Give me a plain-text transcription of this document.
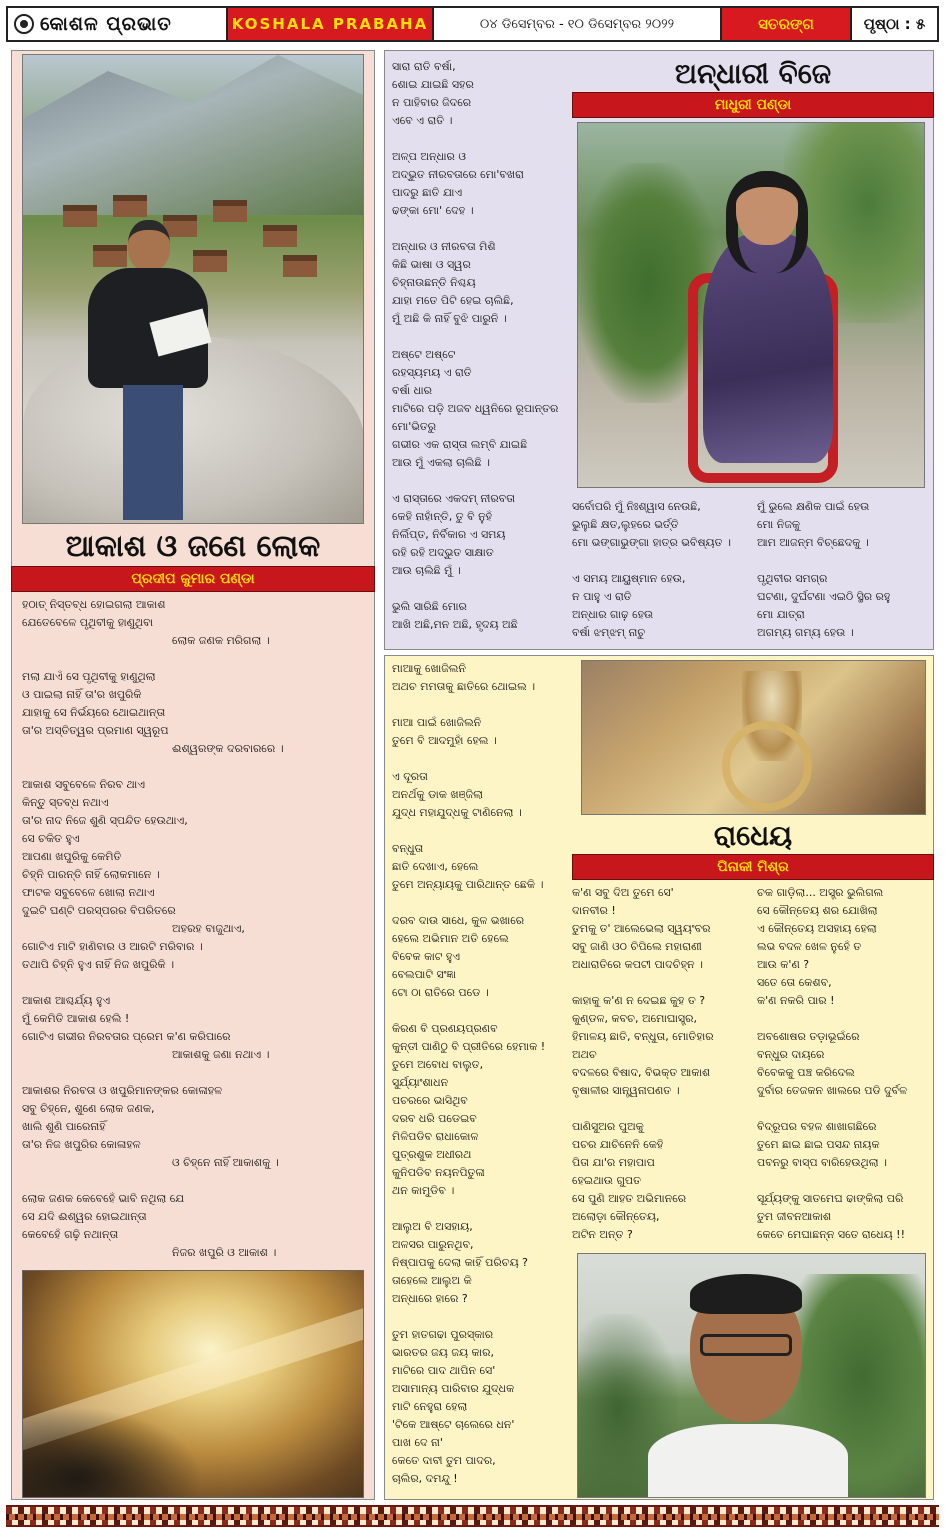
କୋଶଳ ପ୍ରଭାତ	KOSHALA PRABAHA	୦୪ ଡିସେମ୍ବର - ୧୦ ଡିସେମ୍ବର ୨୦୨୨	ସତରଙ୍ଗ	ପୃଷ୍ଠା : ୫
ଆକାଶ ଓ ଜଣେ ଲୋକ
ପ୍ରଦୀପ କୁମାର ପଣ୍ଡା
ହଠାତ୍ ନିସ୍ତବ୍ଧ ହୋଇଗଲା ଆକାଶ
ଯେତେବେଳେ ପୃଥିବୀକୁ ହାଣୁଥିବା
ଲୋକ ଜଣକ ମରିଗଲା ।
ମଲା ଯାଏଁ ସେ ପୃଥିବୀକୁ ହାଣୁଥିଲା
ଓ ପାଇଲା ନାହିଁ ତା'ର ଖପୁରିକି
ଯାହାକୁ ସେ ନିର୍ଭୟରେ ଥୋଇଥାନ୍ତା
ତା'ର ଅସ୍ତିତ୍ୱର ପ୍ରମାଣ ସ୍ୱରୂପ
ଈଶ୍ୱରଙ୍କ ଦରବାରରେ ।
ଆକାଶ ସବୁବେଳେ ନିରବ ଥାଏ
କିନ୍ତୁ ସ୍ତବ୍ଧ ନଥାଏ
ତା'ର ନାଦ ନିଜେ ଶୁଣି ସ୍ପନ୍ଦିତ ହେଉଥାଏ,
ସେ ଚକିତ ହୁଏ
ଆପଣା ଖପୁରିକୁ କେମିତି
ଚିହ୍ନି ପାରନ୍ତି ନାହିଁ ଲୋକମାନେ ।
ଫାଟକ ସବୁବେଳେ ଖୋଲା ନଥାଏ
ଦୁଇଟି ଘଣ୍ଟି ପରସ୍ପରର ବିପରିତରେ
ଅହରହ ବାଜୁଥାଏ,
ଗୋଟିଏ ମାଟି ହାଣିବାର ଓ ଆରଟି ମରିବାର ।
ତଥାପି ଚିହ୍ନି ହୁଏ ନାହିଁ ନିଜ ଖପୁରିକି ।
ଆକାଶ ଆଶ୍ଚର୍ଯ୍ୟ ହୁଏ
ମୁଁ କେମିତି ଆକାଶ ହେଲି !
ଗୋଟିଏ ଗଭୀର ନିରବତାର ପ୍ରେମ କ'ଣ କରିପାରେ
ଆକାଶକୁ ଜଣା ନଥାଏ ।
ଆକାଶର ନିରବତା ଓ ଖପୁରିମାନଙ୍କର କୋଳାହଳ
ସବୁ ଚିହ୍ନେ, ଶୁଣେ ଲୋକ ଜଣକ,
ଖାଲି ଶୁଣି ପାରେନାହିଁ
ତା'ର ନିଜ ଖପୁରିର କୋଳାହଳ
ଓ ଚିହ୍ନେ ନାହିଁ ଆକାଶକୁ ।
ଲୋକ ଜଣକ କେବେହେଁ ଭାବି ନଥିଲା ଯେ
ସେ ଯଦି ଈଶ୍ୱର ହୋଇଥାନ୍ତା
କେବେହେଁ ଗଢ଼ି ନଥାନ୍ତା
ନିଜର ଖପୁରି ଓ ଆକାଶ ।
ସାରା ରାତି ବର୍ଷା,
ଶୋଇ ଯାଇଛି ସହର
ନ ପାହିବାର ଜିଦରେ
ଏବେ ଏ ରାତି ।

ଅଳ୍ପ ଅନ୍ଧାର ଓ
ଅଦ୍ଭୁତ ନୀରବତାରେ ମୋ'ବଖରା
ପାଦରୁ ଛାତି ଯାଏ
ଢଙ୍କା ମୋ' ଦେହ ।

ଅନ୍ଧାର ଓ ନୀରବତା ମିଶି
କିଛି ଭାଷା ଓ ସ୍ୱର
ଚିହ୍ନାଉଛନ୍ତି ନିଶ୍ଚୟ
ଯାହା ମତେ ପିଟି ହେଇ ଚାଲିଛି,
ମୁଁ ଅଛି କି ନାହିଁ ବୁଝି ପାରୁନି ।

ଅଷ୍ଟେ ଅଷ୍ଟେ
ରହସ୍ୟମୟ ଏ ରାତି
ବର୍ଷା ଧାର
ମାଟିରେ ପଡ଼ି ଅଜବ ଧ୍ୱନିରେ ରୂପାନ୍ତର
ମୋ'ଭିତରୁ
ଗଭୀର ଏକ ରାସ୍ତା ଲମ୍ବି ଯାଇଛି
ଆଉ ମୁଁ ଏକଲା ଚାଲିଛି ।

ଏ ରାସ୍ତାରେ ଏକଦମ୍ ନୀରବତା
କେହି ନାହାଁନ୍ତି, ତୁ ବି ନୁହଁ
ନିର୍ଲିପ୍ତ, ନିର୍ବିକାର ଏ ସମୟ
ରହି ରହି ଅଦ୍ଭୁତ ସାକ୍ଷାତ
ଆଉ ଚାଲିଛି ମୁଁ ।

ଭୁଲି ସାରିଛି ମୋର
ଆଖି ଅଛି,ମନ ଅଛି, ହୃଦୟ ଅଛି
ଅନ୍ଧାରୀ ବିଜେ
ମାଧୁରୀ ପଣ୍ଡା
ସର୍ବୋପରି ମୁଁ ନିଃଶ୍ୱାସ ନେଉଛି,
ଭୁଲୁଛି କ୍ଷତ,ଲୁହରେ ଭର୍ତ୍ତି
ମୋ ଭଙ୍ଗାଭୁଙ୍ଗା ହାତ୍‌ର ଭବିଷ୍ୟତ ।

ଏ ସମୟ ଆୟୁଷ୍ମାନ ହେଉ,
ନ ପାହୁ ଏ ରାତି
ଅନ୍ଧାର ଗାଢ଼ ହେଉ
ବର୍ଷା ଝମ୍‌ଝମ୍ ନାଚୁ
ମୁଁ ଭୁଲେ କ୍ଷଣିକ ପାଇଁ ହେଉ
ମୋ ନିଜକୁ
ଆମ ଆଜନ୍ମ ବିଚ୍ଛେଦକୁ ।

ପୃଥିବୀର ସମଗ୍ର
ଘଟଣା, ଦୁର୍ଘଟଣା ଏଇଠି ସ୍ଥିର ରହୁ
ମୋ ଯାତ୍ରା
ଅଗମ୍ୟ ଗମ୍ୟ ହେଉ ।
ମାଆକୁ ଖୋଜିଲନି
ଅଥଚ ମମତାକୁ ଛାତିରେ ଥୋଇଲ ।

ମାଆ ପାଇଁ ଖୋଜିଲନି
ତୁମେ ବି ଆଦମୁହାଁ ହେଲ ।

ଏ ଦୂରତା
ଅନର୍ଥକୁ ଡାକ ଖଞ୍ଜିଲା
ଯୁଦ୍ଧ ମହାଯୁଦ୍ଧକୁ ଟାଣିନେଲା ।

ବନ୍ଧୁତା
ଛାତି ଦେଖାଏ, ହେଲେ
ତୁମେ ଅନ୍ୟାୟକୁ ପାରିଥାନ୍ତ ଛେକି ।

ଦରବ ଦାଉ ସାଧେ, କୁଳ ଭଖାରେ
ହେଲେ ଅଭିମାନ ଅତି ହେଲେ
ବିବେକ କାଟ ହୁଏ
ବେଲପାଟି ସଂଜ୍ଞା
ଟୋ ଠା ରାତିରେ ପଡେ ।

କିରଣ ବି ପ୍ରଣୟପ୍ରଣବ
କୁନ୍ତୀ ପାଣିଠୁ ବି ପ୍ରୀତିରେ ହେମାକ !
ତୁମେ ଅବୋଧ ବାଲୁତ,
ସୁର୍ଯ୍ୟାଂଶାଧନ
ପଚରରେ ଭାସିଥିବ
ଦରବ ଧରି ପଡେଇବ
ମିଳିପଡିବ ରାଧାକୋଳ
ପୁତ୍ରଶୁକ ଅଧୀରଥ
କୁନିପଡିବ ନୟନପିତୁଳା
ଥନ କାମୁଡିବ ।

ଆଲୁଅ ବି ଅସହାୟ,
ଅଳସର ପାରୁନଥିବ,
ନିଷ୍ପାପକୁ ଦେଲା କାହିଁ ପରିଚୟ ?
ତାହେଲେ ଆଲୁଅ କି
ଅନ୍ଧାରେ ହାରେ ?

ତୁମ ହାତଗଢା ପୁରସ୍କାର
ଭାରତର ଜୟ ଜୟ କାର,
ମାଟିରେ ପାଦ ଥାପିନ ସେ'
ଅସାମାନ୍ୟ ପାରିବାର ଯୁଦ୍ଧକ
ମାଟି ନେହୁରା ହେଲା
'ଟିକେ ଆଷ୍ଟେ ଚାଲେରେ ଧନ'
ପାଖ ଦେ ନା'
କେତେ ଦାବୀ ତୁମ ପାଦର,
ଚାଲିର, ଦମନ୍ଦୁ !
ରାଧେୟ
ପିନାକୀ ମିଶ୍ର
କ'ଣ ସବୁ ଦିଅ ତୁମେ ସେ'
ଦାନବୀର !
ତୁମକୁ ତ' ଆଲେଭେଲା ସ୍ୱୟଂବର
ସବୁ ଜାଣି ଓଠ ଚିପିଲେ ମହାରାଣୀ
ଅଧାରାତିରେ କପଟୀ ପାଦଚିହ୍ନ ।

କାହାକୁ କ'ଣ ନ ଦେଇଛ କୁହ ତ ?
କୁଣ୍ଡଳ, କବଚ, ଅମୋଘାସ୍ତ୍ର,
ହିମାଳୟ ଛାତି, ବନ୍ଧୁତା, ମୋତିହାର
ଅଥଚ
ବଦଳରେ ବିଷାଦ, ବିଭକ୍ତ ଆକାଶ
ବୃଷାଳୀର ସାନ୍ତ୍ୱନାପଣତ ।

ପାଣିସୁଅର ପୁଅକୁ
ପଚର ଯାଚିନେନି କେହି
ପିତା ଯା'ର ମହାପାପ
ହେଇଥାଉ ଗୁପତ
ସେ ପୁଣି ଆହତ ଅଭିମାନରେ
ଅଲୋଡ଼ା କୌନ୍ତେୟ,
ଅଟିନ ଅନ୍ତ ?
ଚକ ଗାଡ଼ିଲା... ଅସ୍ତ୍ର ଭୁଲିଗଲ
ସେ କୌନ୍ତେୟ ଶର ଯୋଖିଲା
ଏ କୌନ୍ତେୟ ଅସହାୟ ହେଲା
ଲଭ ବଦଳ ଖେଳ ନୁହେଁ ତ
ଆଉ କ'ଣ ?
ସତେ ତୋ କେଶବ,
କ'ଣ ନକରି ପାର !

ଅବଶୋଷର ତଡ଼ାଭୂଇଁରେ
ବନ୍ଧୁର ଦାୟରେ
ବିବେକକୁ ପଞ୍ଚ କରିଦେଲ
ଦୁର୍ବାର ତେଜକନ ଖାଲରେ ପଡି ଦୁର୍ବଳ

ବିଦ୍ରୂପର ବହଳ ଶାଖାଗଛିରେ
ତୁମେ ଛାଇ ଛାଇ ପସନ୍ଦ ନାୟକ
ପବନରୁ ବାସ୍ପ ବାରିହେଉଥିଲା ।

ସୂର୍ଯ୍ୟଙ୍କୁ ସାତମେଘ ଢାଙ୍କିଲା ପରି
ତୁମ ଜୀବନଆକାଶ
କେତେ ମେଘାଛନ୍ନ ସତେ ରାଧେୟ !!
